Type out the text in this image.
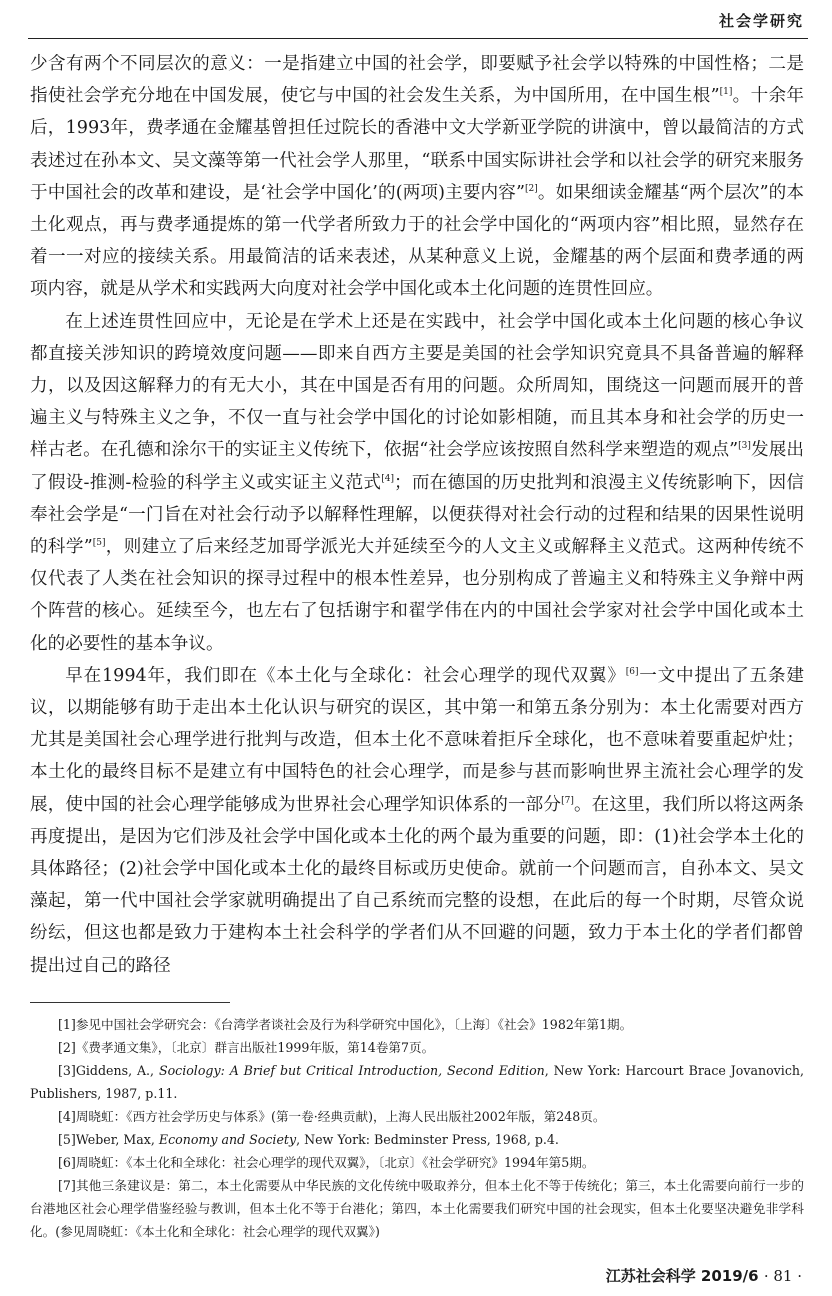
社会学研究

少含有两个不同层次的意义：一是指建立中国的社会学，即要赋予社会学以特殊的中国性格；二是指使社会学充分地在中国发展，使它与中国的社会发生关系，为中国所用，在中国生根”[1]。十余年后，1993年，费孝通在金耀基曾担任过院长的香港中文大学新亚学院的讲演中，曾以最简洁的方式表述过在孙本文、吴文藻等第一代社会学人那里，“联系中国实际讲社会学和以社会学的研究来服务于中国社会的改革和建设，是‘社会学中国化’的(两项)主要内容”[2]。如果细读金耀基“两个层次”的本土化观点，再与费孝通提炼的第一代学者所致力于的社会学中国化的“两项内容”相比照，显然存在着一一对应的接续关系。用最简洁的话来表述，从某种意义上说，金耀基的两个层面和费孝通的两项内容，就是从学术和实践两大向度对社会学中国化或本土化问题的连贯性回应。

在上述连贯性回应中，无论是在学术上还是在实践中，社会学中国化或本土化问题的核心争议都直接关涉知识的跨境效度问题——即来自西方主要是美国的社会学知识究竟具不具备普遍的解释力，以及因这解释力的有无大小，其在中国是否有用的问题。众所周知，围绕这一问题而展开的普遍主义与特殊主义之争，不仅一直与社会学中国化的讨论如影相随，而且其本身和社会学的历史一样古老。在孔德和涂尔干的实证主义传统下，依据“社会学应该按照自然科学来塑造的观点”[3]发展出了假设-推测-检验的科学主义或实证主义范式[4]；而在德国的历史批判和浪漫主义传统影响下，因信奉社会学是“一门旨在对社会行动予以解释性理解，以便获得对社会行动的过程和结果的因果性说明的科学”[5]，则建立了后来经芝加哥学派光大并延续至今的人文主义或解释主义范式。这两种传统不仅代表了人类在社会知识的探寻过程中的根本性差异，也分别构成了普遍主义和特殊主义争辩中两个阵营的核心。延续至今，也左右了包括谢宇和翟学伟在内的中国社会学家对社会学中国化或本土化的必要性的基本争议。

早在1994年，我们即在《本土化与全球化：社会心理学的现代双翼》[6]一文中提出了五条建议，以期能够有助于走出本土化认识与研究的误区，其中第一和第五条分别为：本土化需要对西方尤其是美国社会心理学进行批判与改造，但本土化不意味着拒斥全球化，也不意味着要重起炉灶；本土化的最终目标不是建立有中国特色的社会心理学，而是参与甚而影响世界主流社会心理学的发展，使中国的社会心理学能够成为世界社会心理学知识体系的一部分[7]。在这里，我们所以将这两条再度提出，是因为它们涉及社会学中国化或本土化的两个最为重要的问题，即：(1)社会学本土化的具体路径；(2)社会学中国化或本土化的最终目标或历史使命。就前一个问题而言，自孙本文、吴文藻起，第一代中国社会学家就明确提出了自己系统而完整的设想，在此后的每一个时期，尽管众说纷纭，但这也都是致力于建构本土社会科学的学者们从不回避的问题，致力于本土化的学者们都曾提出过自己的路径

[1]参见中国社会学研究会：《台湾学者谈社会及行为科学研究中国化》，〔上海〕《社会》1982年第1期。

[2]《费孝通文集》，〔北京〕群言出版社1999年版，第14卷第7页。

[3]Giddens, A., Sociology: A Brief but Critical Introduction, Second Edition, New York: Harcourt Brace Jovanovich, Publishers, 1987, p.11.

[4]周晓虹：《西方社会学历史与体系》(第一卷·经典贡献)，上海人民出版社2002年版，第248页。

[5]Weber, Max, Economy and Society, New York: Bedminster Press, 1968, p.4.

[6]周晓虹：《本土化和全球化：社会心理学的现代双翼》，〔北京〕《社会学研究》1994年第5期。

[7]其他三条建议是：第二，本土化需要从中华民族的文化传统中吸取养分，但本土化不等于传统化；第三，本土化需要向前行一步的台港地区社会心理学借鉴经验与教训，但本土化不等于台港化；第四，本土化需要我们研究中国的社会现实，但本土化要坚决避免非学科化。(参见周晓虹：《本土化和全球化：社会心理学的现代双翼》)

江苏社会科学 2019/6 · 81 ·
